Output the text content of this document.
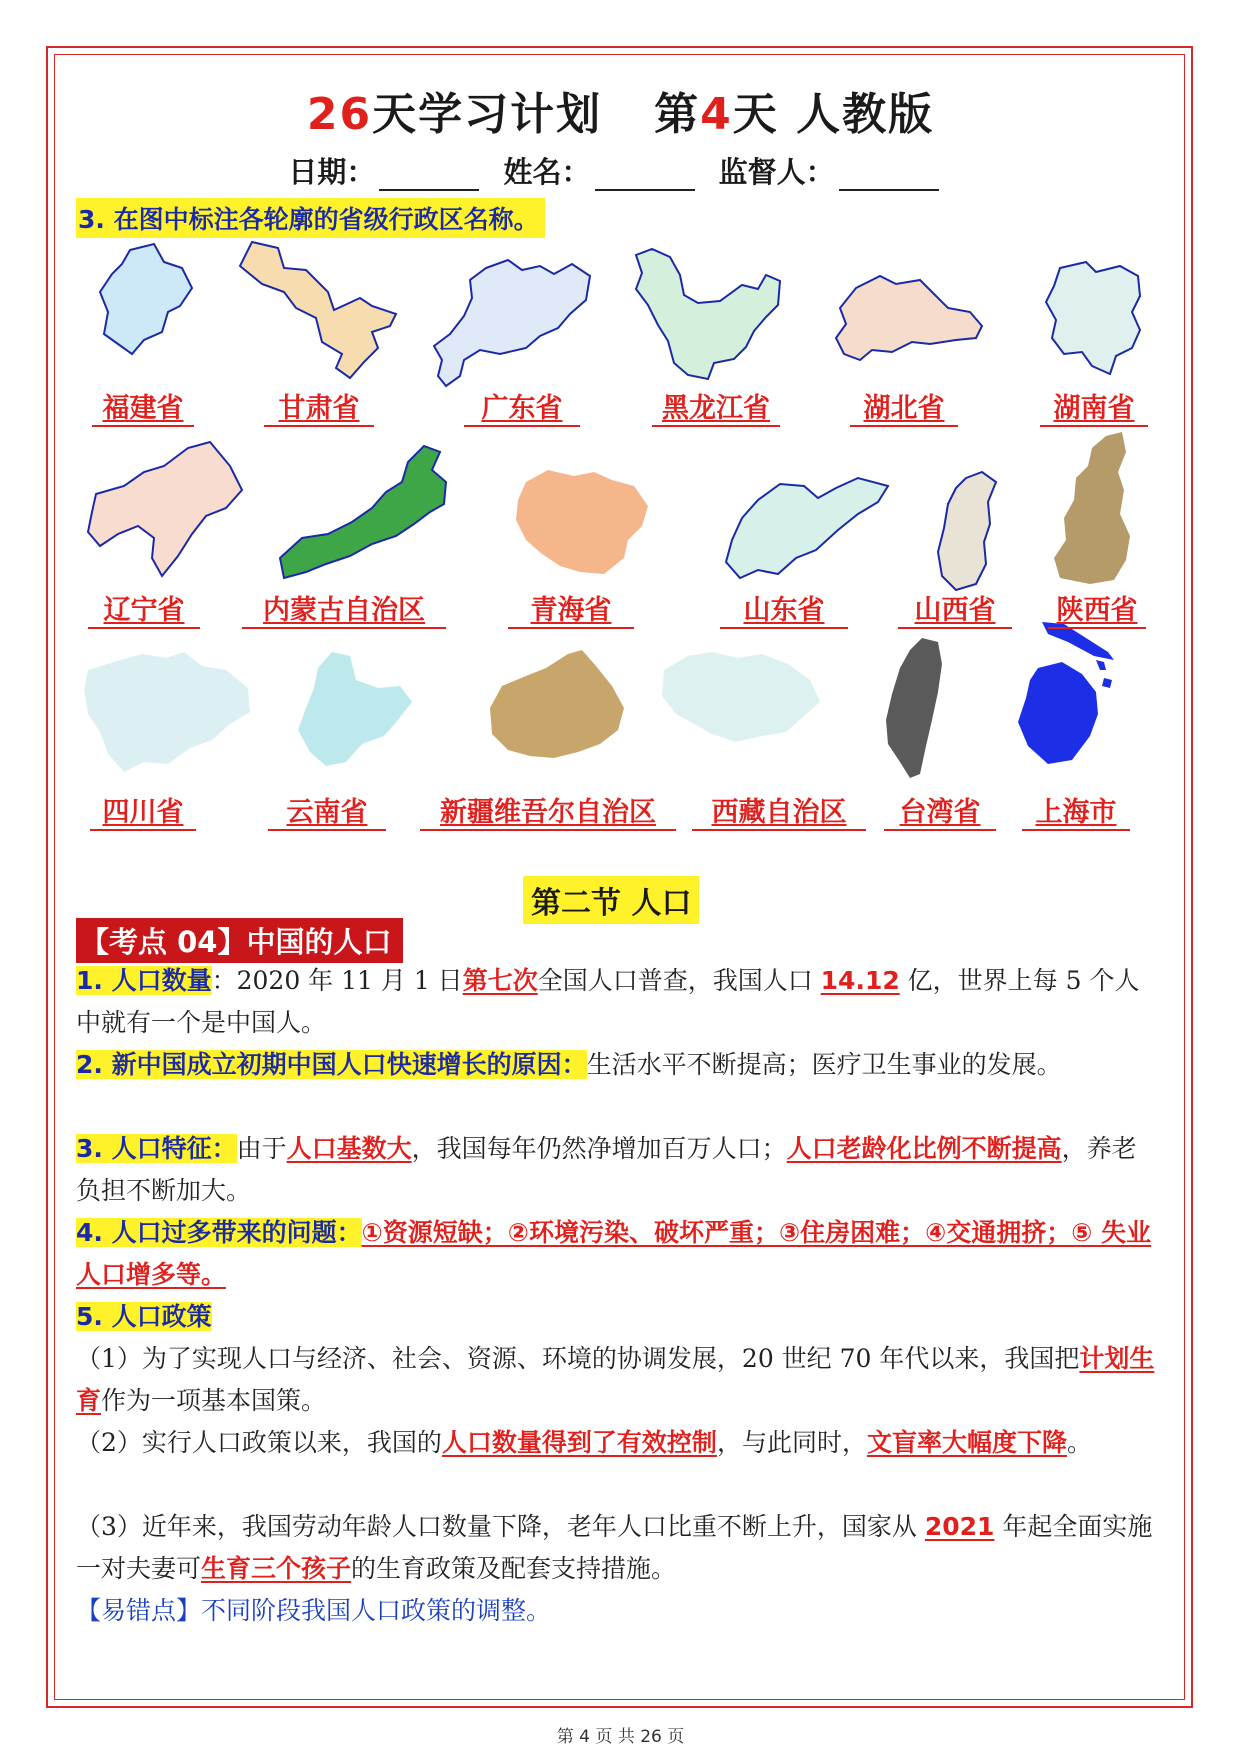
26天学习计划   第4天 人教版
日期：	姓名：	监督人：
3. 在图中标注各轮廓的省级行政区名称。
福建省	甘肃省	广东省	黑龙江省	湖北省	湖南省
辽宁省	内蒙古自治区	青海省	山东省	山西省	陕西省
四川省	云南省	新疆维吾尔自治区	西藏自治区	台湾省	上海市
第二节 人口
【考点 04】中国的人口
1. 人口数量：2020 年 11 月 1 日第七次全国人口普查，我国人口 14.12 亿，世界上每 5 个人中就有一个是中国人。
2. 新中国成立初期中国人口快速增长的原因：生活水平不断提高；医疗卫生事业的发展。
3. 人口特征：由于人口基数大，我国每年仍然净增加百万人口；人口老龄化比例不断提高，养老负担不断加大。
4. 人口过多带来的问题：①资源短缺；②环境污染、破坏严重；③住房困难；④交通拥挤；⑤ 失业人口增多等。
5. 人口政策
（1）为了实现人口与经济、社会、资源、环境的协调发展，20 世纪 70 年代以来，我国把计划生育作为一项基本国策。
（2）实行人口政策以来，我国的人口数量得到了有效控制，与此同时，文盲率大幅度下降。
（3）近年来，我国劳动年龄人口数量下降，老年人口比重不断上升，国家从 2021 年起全面实施一对夫妻可生育三个孩子的生育政策及配套支持措施。
【易错点】不同阶段我国人口政策的调整。
第 4 页 共 26 页
